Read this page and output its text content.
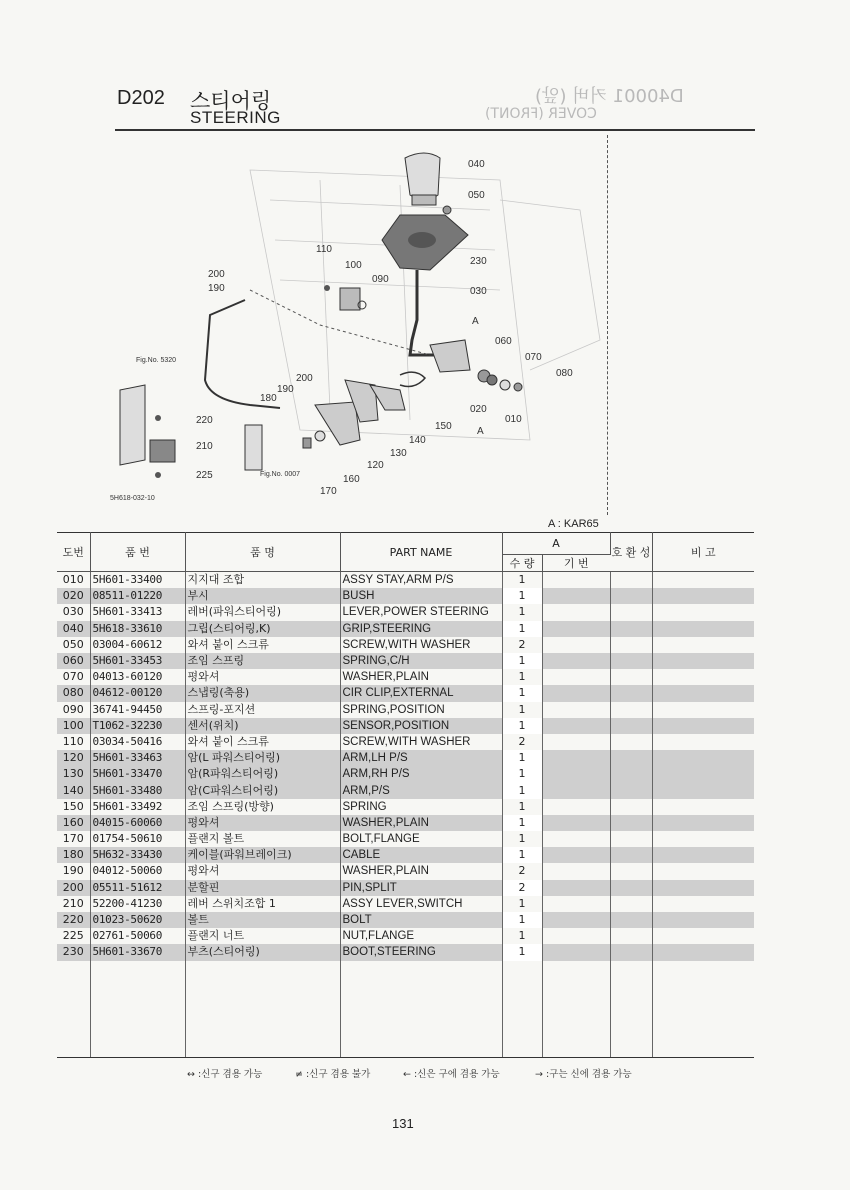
D40001 커버 (앞)
COVER (FRONT)
D202 스티어링
STEERING
040
050
230
030
110
100
090
200
190
060
070
080
020
010
A
A
220
210
225
200
190
180
150
140
130
120
160
170
Fig.No. 5320
Fig.No. 0007
5H618-032-10
A : KAR65
도번	품 번	품 명	PART NAME	A		호 환 성	비 고

				수 량	기 번		
010	5H601-33400	지지대 조합	ASSY STAY,ARM P/S	1			
020	08511-01220	부시	BUSH	1			
030	5H601-33413	레버(파워스티어링)	LEVER,POWER STEERING	1			
040	5H618-33610	그립(스티어링,K)	GRIP,STEERING	1			
050	03004-60612	와셔 붙이 스크류	SCREW,WITH WASHER	2			
060	5H601-33453	조임 스프링	SPRING,C/H	1			
070	04013-60120	평와셔	WASHER,PLAIN	1			
080	04612-00120	스냅링(축용)	CIR CLIP,EXTERNAL	1			
090	36741-94450	스프링-포지션	SPRING,POSITION	1			
100	T1062-32230	센서(위치)	SENSOR,POSITION	1			
110	03034-50416	와셔 붙이 스크류	SCREW,WITH WASHER	2			
120	5H601-33463	암(L 파워스티어링)	ARM,LH P/S	1			
130	5H601-33470	암(R파워스티어링)	ARM,RH P/S	1			
140	5H601-33480	암(C파워스티어링)	ARM,P/S	1			
150	5H601-33492	조임 스프링(방향)	SPRING	1			
160	04015-60060	평와셔	WASHER,PLAIN	1			
170	01754-50610	플랜지 볼트	BOLT,FLANGE	1			
180	5H632-33430	케이블(파워브레이크)	CABLE	1			
190	04012-50060	평와셔	WASHER,PLAIN	2			
200	05511-51612	분할핀	PIN,SPLIT	2			
210	52200-41230	레버 스위치조합 1	ASSY LEVER,SWITCH	1			
220	01023-50620	볼트	BOLT	1			
225	02761-50060	플랜지 너트	NUT,FLANGE	1			
230	5H601-33670	부츠(스티어링)	BOOT,STEERING	1			

↔ :신구 겸용 가능	≠ :신구 겸용 불가	← :신은 구에 겸용 가능	→ :구는 신에 겸용 가능
131
